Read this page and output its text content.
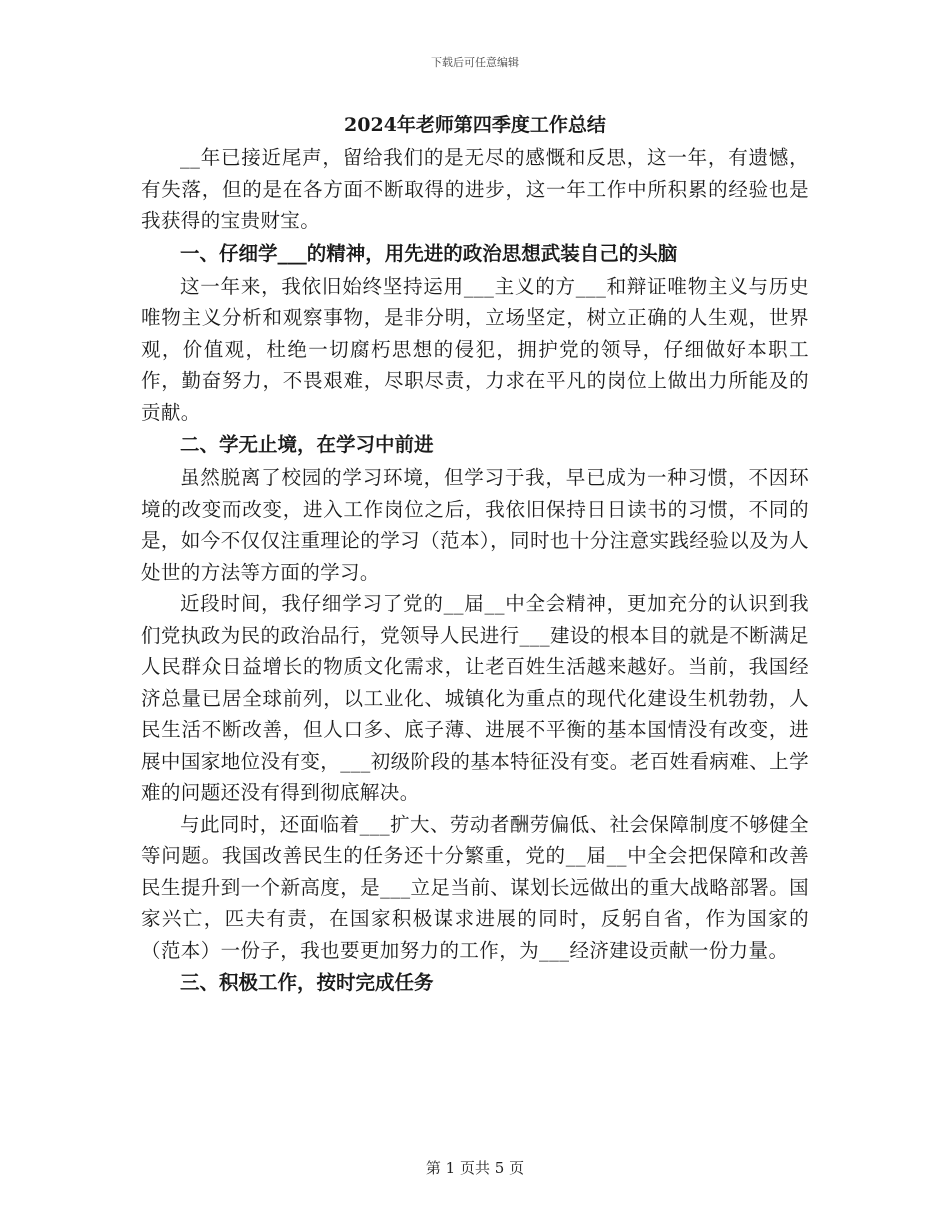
下载后可任意编辑

2024年老师第四季度工作总结

__年已接近尾声，留给我们的是无尽的感慨和反思，这一年，有遗憾，有失落，但的是在各方面不断取得的进步，这一年工作中所积累的经验也是我获得的宝贵财宝。

一、仔细学___的精神，用先进的政治思想武装自己的头脑

这一年来，我依旧始终坚持运用___主义的方___和辩证唯物主义与历史唯物主义分析和观察事物，是非分明，立场坚定，树立正确的人生观，世界观，价值观，杜绝一切腐朽思想的侵犯，拥护党的领导，仔细做好本职工作，勤奋努力，不畏艰难，尽职尽责，力求在平凡的岗位上做出力所能及的贡献。

二、学无止境，在学习中前进

虽然脱离了校园的学习环境，但学习于我，早已成为一种习惯，不因环境的改变而改变，进入工作岗位之后，我依旧保持日日读书的习惯，不同的是，如今不仅仅注重理论的学习（范本），同时也十分注意实践经验以及为人处世的方法等方面的学习。

近段时间，我仔细学习了党的__届__中全会精神，更加充分的认识到我们党执政为民的政治品行，党领导人民进行___建设的根本目的就是不断满足人民群众日益增长的物质文化需求，让老百姓生活越来越好。当前，我国经济总量已居全球前列，以工业化、城镇化为重点的现代化建设生机勃勃，人民生活不断改善，但人口多、底子薄、进展不平衡的基本国情没有改变，进展中国家地位没有变，___初级阶段的基本特征没有变。老百姓看病难、上学难的问题还没有得到彻底解决。

与此同时，还面临着___扩大、劳动者酬劳偏低、社会保障制度不够健全等问题。我国改善民生的任务还十分繁重，党的__届__中全会把保障和改善民生提升到一个新高度，是___立足当前、谋划长远做出的重大战略部署。国家兴亡，匹夫有责，在国家积极谋求进展的同时，反躬自省，作为国家的（范本）一份子，我也要更加努力的工作，为___经济建设贡献一份力量。

三、积极工作，按时完成任务

第 1 页共 5 页
